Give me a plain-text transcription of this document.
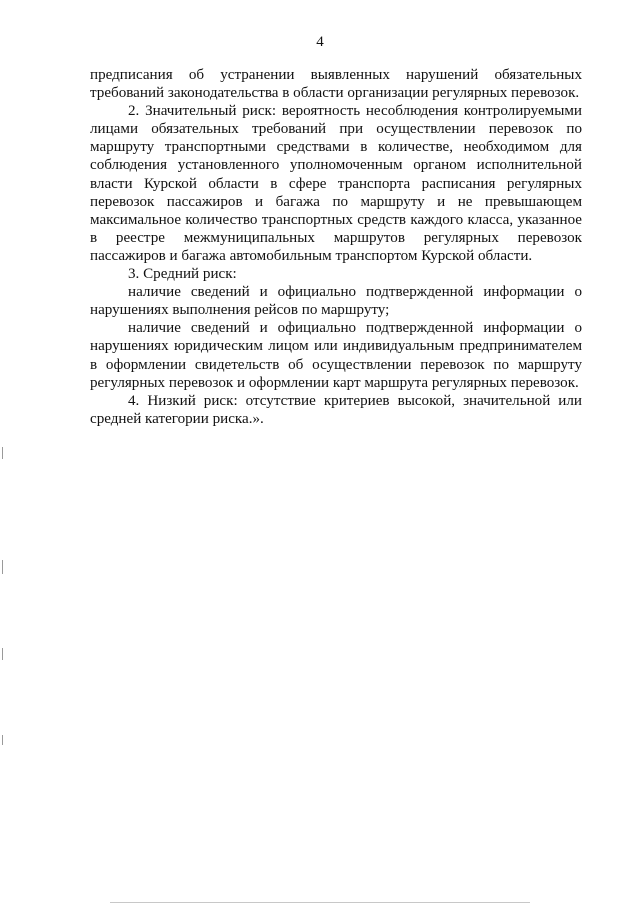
4

предписания об устранении выявленных нарушений обязательных требований законодательства в области организации регулярных перевозок.

2. Значительный риск: вероятность несоблюдения контролируемыми лицами обязательных требований при осуществлении перевозок по маршруту транспортными средствами в количестве, необходимом для соблюдения установленного уполномоченным органом исполнительной власти Курской области в сфере транспорта расписания регулярных перевозок пассажиров и багажа по маршруту и не превышающем максимальное количество транспортных средств каждого класса, указанное в реестре межмуниципальных маршрутов регулярных перевозок пассажиров и багажа автомобильным транспортом Курской области.

3. Средний риск:

наличие сведений и официально подтвержденной информации о нарушениях выполнения рейсов по маршруту;

наличие сведений и официально подтвержденной информации о нарушениях юридическим лицом или индивидуальным предпринимателем в оформлении свидетельств об осуществлении перевозок по маршруту регулярных перевозок и оформлении карт маршрута регулярных перевозок.

4. Низкий риск: отсутствие критериев высокой, значительной или средней категории риска.».
